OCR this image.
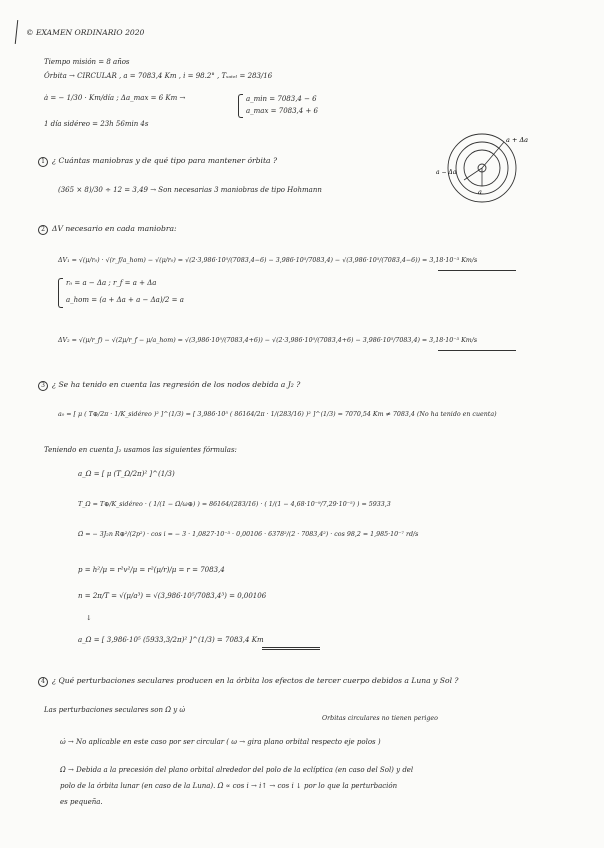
© EXAMEN ORDINARIO 2020
Tiempo misión = 8 años
Órbita → CIRCULAR , a = 7083,4 Km , i = 98.2° , Tₛₐₜₑₗ = 283/16
ȧ = − 1/30 · Km/día ; Δa_max = 6 Km →	a_min = 7083,4 − 6
a_max = 7083,4 + 6
1 día sidéreo = 23h 56min 4s
a + Δa
a − Δa
a
1 ¿ Cuántas maniobras y de qué tipo para mantener órbita ?
(365 × 8)/30 ÷ 12 = 3,49 → Son necesarias 3 maniobras de tipo Hohmann
2 ΔV necesario en cada maniobra:
ΔV₁ = √(μ/r₀) · √(r_f/a_hom) − √(μ/r₀) = √(2·3,986·10⁵/(7083,4−6) − 3,986·10⁵/7083,4) − √(3,986·10⁵/(7083,4−6)) = 3,18·10⁻³ Km/s
r₀ = a − Δa ; r_f = a + Δa
a_hom = (a + Δa + a − Δa)/2 = a
ΔV₂ = √(μ/r_f) − √(2μ/r_f − μ/a_hom) = √(3,986·10⁵/(7083,4+6)) − √(2·3,986·10⁵/(7083,4+6) − 3,986·10⁵/7083,4) = 3,18·10⁻³ Km/s
3 ¿ Se ha tenido en cuenta las regresión de los nodos debida a J₂ ?
a₀ = [ μ ( T⊕/2π · 1/K_sidéreo )² ]^(1/3) = [ 3,986·10⁵ ( 86164/2π · 1/(283/16) )² ]^(1/3) = 7070,54 Km ≠ 7083,4 (No ha tenido en cuenta)
Teniendo en cuenta J₂ usamos las siguientes fórmulas:
a_Ω = [ μ (T_Ω/2π)² ]^(1/3)
T_Ω = T⊕/K_sidéreo · ( 1/(1 − Ω̇/ω⊕) ) = 86164/(283/16) · ( 1/(1 − 4,68·10⁻⁹/7,29·10⁻⁵) ) = 5933,3
Ω̇ = − 3J₂n R⊕²/(2p²) · cos i = − 3 · 1,0827·10⁻³ · 0,00106 · 6378²/(2 · 7083,4²) · cos 98,2 = 1,985·10⁻⁷ rd/s
p = h²/μ = r²v²/μ = r²(μ/r)/μ = r = 7083,4
n = 2π/T = √(μ/a³) = √(3,986·10⁵/7083,4³) = 0,00106
↓
a_Ω = [ 3,986·10⁵ (5933,3/2π)² ]^(1/3) = 7083,4 Km
4 ¿ Qué perturbaciones seculares producen en la órbita los efectos de tercer cuerpo debidos a Luna y Sol ?
Las perturbaciones seculares son Ω̇ y ω̇
Orbitas circulares no tienen perigeo
ω̇ → No aplicable en este caso por ser circular ( ω → gira plano orbital respecto eje polos )
Ω̇ → Debida a la precesión del plano orbital alrededor del polo de la eclíptica (en caso del Sol) y del
polo de la órbita lunar (en caso de la Luna). Ω̇ ∝ cos i → i↑ → cos i ↓ por lo que la perturbación
es pequeña.
